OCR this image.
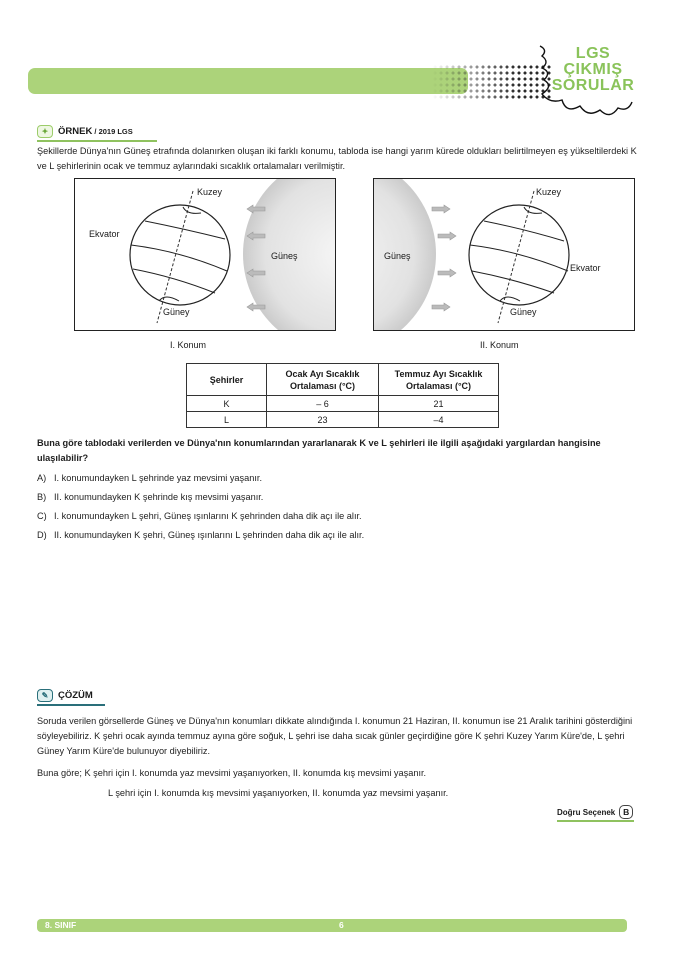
LGS
ÇIKMIŞ
SORULAR
✦	ÖRNEK / 2019 LGS
Şekillerde Dünya'nın Güneş etrafında dolanırken oluşan iki farklı konumu, tabloda ise hangi yarım kürede oldukları belirtilmeyen eş yükseltilerdeki K ve L şehirlerinin ocak ve temmuz aylarındaki sıcaklık ortalamaları verilmiştir.
Kuzey
Ekvator
Güney
Güneş
I. Konum
Kuzey
Ekvator
Güney
Güneş
II. Konum
Şehirler	Ocak Ayı Sıcaklık Ortalaması (°C)	Temmuz Ayı Sıcaklık Ortalaması (°C)
K	– 6	21
L	23	–4
Buna göre tablodaki verilerden ve Dünya'nın konumlarından yararlanarak K ve L şehirleri ile ilgili aşağıdaki yargılardan hangisine ulaşılabilir?
A) I. konumundayken L şehrinde yaz mevsimi yaşanır.
B) II. konumundayken K şehrinde kış mevsimi yaşanır.
C) I. konumundayken L şehri, Güneş ışınlarını K şehrinden daha dik açı ile alır.
D) II. konumundayken K şehri, Güneş ışınlarını L şehrinden daha dik açı ile alır.
✎	ÇÖZÜM
Soruda verilen görsellerde Güneş ve Dünya'nın konumları dikkate alındığında I. konumun 21 Haziran, II. konumun ise 21 Aralık tarihini gösterdiğini söyleyebiliriz. K şehri ocak ayında temmuz ayına göre soğuk, L şehri ise daha sıcak günler geçirdiğine göre K şehri Kuzey Yarım Küre'de, L şehri Güney Yarım Küre'de bulunuyor diyebiliriz.
Buna göre; K şehri için I. konumda yaz mevsimi yaşanıyorken, II. konumda kış mevsimi yaşanır.
L şehri için I. konumda kış mevsimi yaşanıyorken, II. konumda yaz mevsimi yaşanır.
Doğru Seçenek B
8. SINIF	6
